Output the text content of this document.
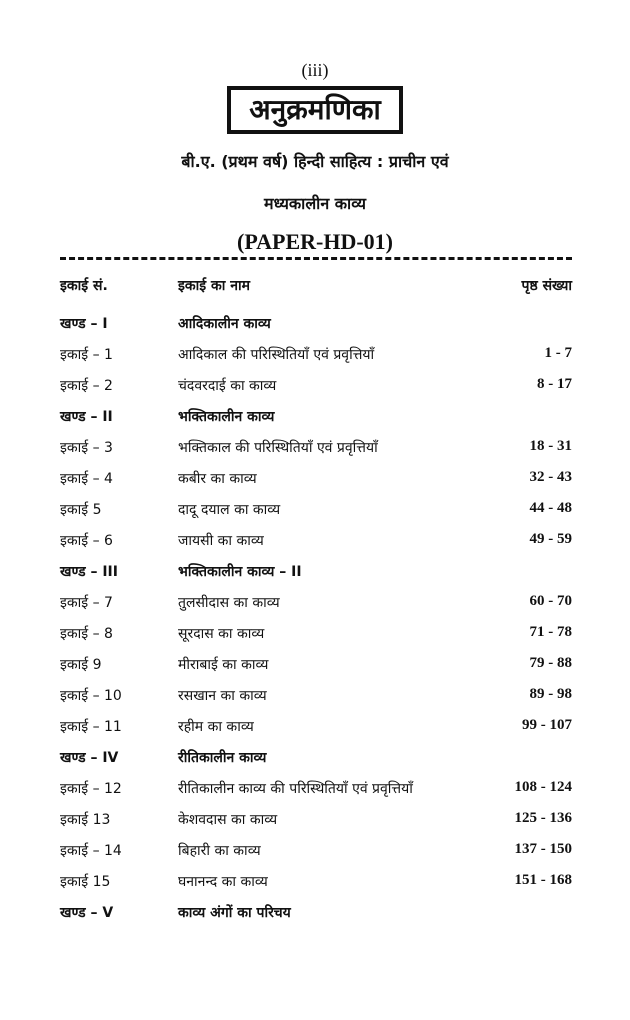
(iii)
अनुक्रमणिका
बी.ए. (प्रथम वर्ष) हिन्दी साहित्य : प्राचीन एवं
मध्यकालीन काव्य
(PAPER-HD-01)
इकाई सं.	इकाई का नाम	पृष्ठ संख्या
खण्ड – I	आदिकालीन काव्य
इकाई – 1	आदिकाल की परिस्थितियाँ एवं प्रवृत्तियाँ	1 - 7
इकाई – 2	चंदवरदाई का काव्य	8 - 17
खण्ड – II	भक्तिकालीन काव्य
इकाई – 3	भक्तिकाल की परिस्थितियाँ एवं प्रवृत्तियाँ	18 - 31
इकाई – 4	कबीर का काव्य	32 - 43
इकाई 5	दादू दयाल का काव्य	44 - 48
इकाई – 6	जायसी का काव्य	49 - 59
खण्ड – III	भक्तिकालीन काव्य – II
इकाई – 7	तुलसीदास का काव्य	60 - 70
इकाई – 8	सूरदास का काव्य	71 - 78
इकाई 9	मीराबाई का काव्य	79 - 88
इकाई – 10	रसखान का काव्य	89 - 98
इकाई – 11	रहीम का काव्य	99 - 107
खण्ड – IV	रीतिकालीन काव्य
इकाई – 12	रीतिकालीन काव्य की परिस्थितियाँ एवं प्रवृत्तियाँ	108 - 124
इकाई 13	केशवदास का काव्य	125 - 136
इकाई – 14	बिहारी का काव्य	137 - 150
इकाई 15	घनानन्द का काव्य	151 - 168
खण्ड – V	काव्य अंगों का परिचय
